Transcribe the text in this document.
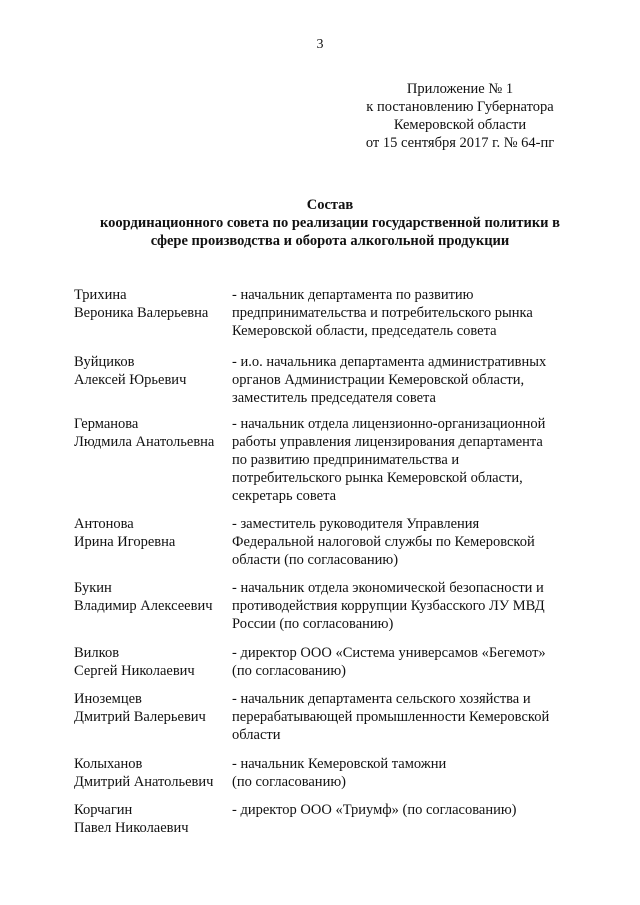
3
Приложение № 1
к постановлению Губернатора
Кемеровской области
от 15 сентября 2017 г. № 64-пг
Состав
координационного совета по реализации государственной политики в
сфере производства и оборота алкогольной продукции
Трихина
Вероника Валерьевна
- начальник департамента по развитию
предпринимательства и потребительского рынка
Кемеровской области, председатель совета
Вуйциков
Алексей Юрьевич
- и.о. начальника департамента административных
органов Администрации Кемеровской области,
заместитель председателя совета
Германова
Людмила Анатольевна
- начальник отдела лицензионно-организационной
работы управления лицензирования департамента
по развитию предпринимательства и
потребительского рынка Кемеровской области,
секретарь совета
Антонова
Ирина Игоревна
- заместитель руководителя Управления
Федеральной налоговой службы по Кемеровской
области (по согласованию)
Букин
Владимир Алексеевич
- начальник отдела экономической безопасности и
противодействия коррупции Кузбасского ЛУ МВД
России (по согласованию)
Вилков
Сергей Николаевич
- директор ООО «Система универсамов «Бегемот»
(по согласованию)
Иноземцев
Дмитрий Валерьевич
- начальник департамента сельского хозяйства и
перерабатывающей промышленности Кемеровской
области
Колыханов
Дмитрий Анатольевич
- начальник Кемеровской таможни
(по согласованию)
Корчагин
Павел Николаевич
- директор ООО «Триумф» (по согласованию)
